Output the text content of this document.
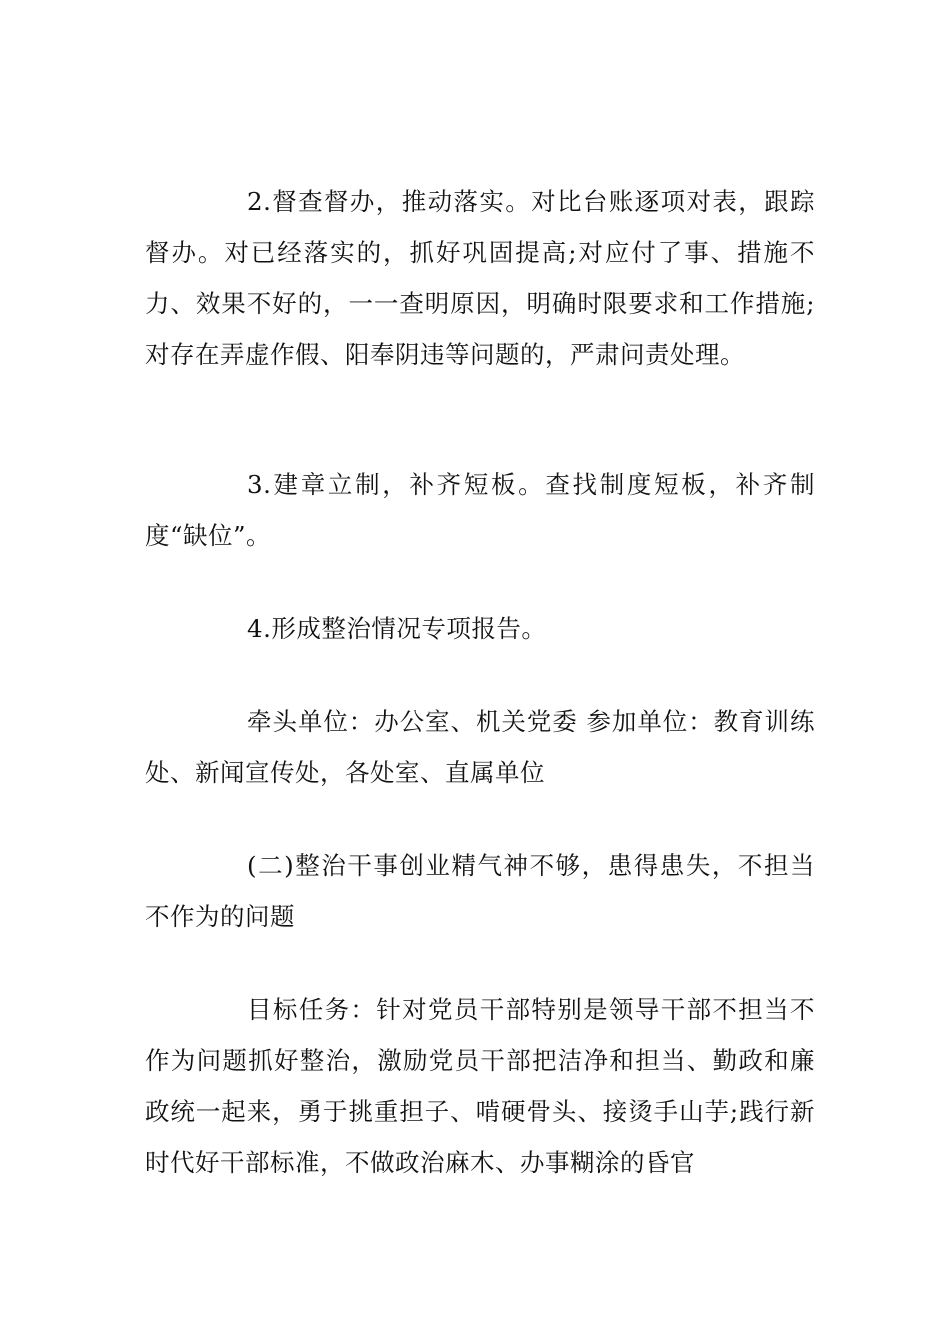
2.督查督办，推动落实。对比台账逐项对表，跟踪督办。对已经落实的，抓好巩固提高;对应付了事、措施不力、效果不好的，一一查明原因，明确时限要求和工作措施;对存在弄虚作假、阳奉阴违等问题的，严肃问责处理。

3.建章立制，补齐短板。查找制度短板，补齐制度“缺位”。

4.形成整治情况专项报告。

牵头单位：办公室、机关党委 参加单位：教育训练处、新闻宣传处，各处室、直属单位

(二)整治干事创业精气神不够，患得患失，不担当不作为的问题

目标任务：针对党员干部特别是领导干部不担当不作为问题抓好整治，激励党员干部把洁净和担当、勤政和廉政统一起来，勇于挑重担子、啃硬骨头、接烫手山芋;践行新时代好干部标准，不做政治麻木、办事糊涂的昏官
